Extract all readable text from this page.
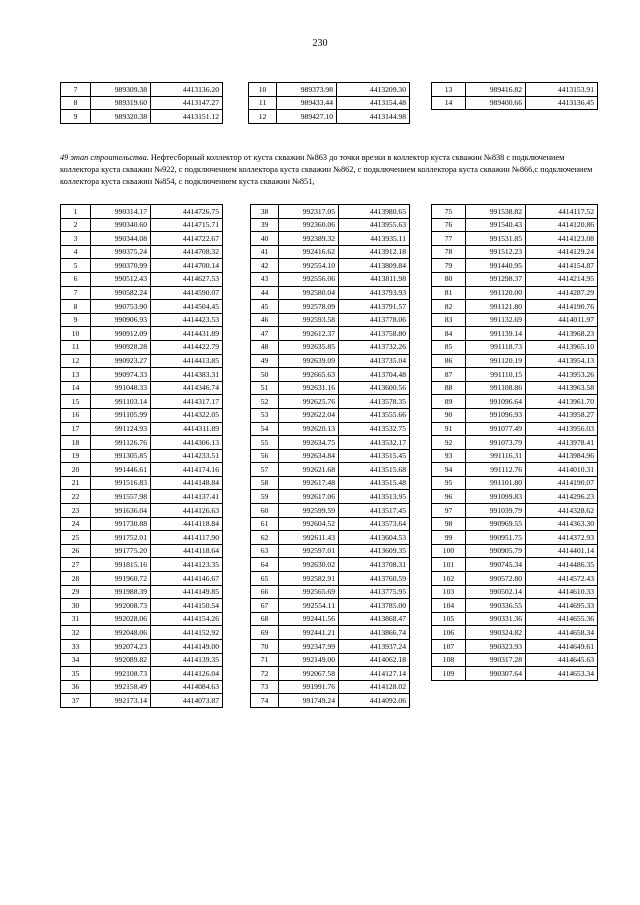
230
7	989309.38	4413136.20
8	989319.60	4413147.27
9	989320.38	4413151.12
10	989373.98	4413209.30
11	989433.44	4413154.48
12	989427.10	4413144.98
13	989416.82	4413153.91
14	989400.66	4413136.45
49 этап строительства. Нефтесборный коллектор от куста скважин №863 до точки врезки в коллектор куста скважин №838 с подключением коллектора куста скважин №922, с подключением коллектора куста скважин №862, с подключением коллектора куста скважин №866,с подключением коллектора куста скважин №854, с подключением куста скважин №851,
1	990314.17	4414726.75
2	990340.60	4414715.71
3	990344.08	4414722.67
4	990375.24	4414708.32
5	990370.99	4414700.14
6	990512.43	4414627.53
7	990582.24	4414590.07
8	990753.90	4414504.45
9	990906.93	4414423.53
10	990912.09	4414431.89
11	990928.28	4414422.79
12	990923.27	4414413.85
13	990974.33	4414383.31
14	991048.33	4414346.74
15	991103.14	4414317.17
16	991105.99	4414322.05
17	991124.93	4414311.89
18	991126.76	4414306.13
19	991305.85	4414233.51
20	991446.61	4414174.16
21	991516.83	4414148.84
22	991557.98	4414137.41
23	991636.04	4414126.63
24	991730.88	4414118.84
25	991752.01	4414117.90
26	991775.20	4414118.64
27	991815.16	4414123.35
28	991960.72	4414146.67
29	991988.39	4414149.85
30	992008.73	4414150.54
31	992028.06	4414154.26
32	992048.06	4414152.92
33	992074.23	4414149.00
34	992089.82	4414139.35
35	992108.73	4414126.04
36	992158.49	4414084.63
37	992173.14	4414073.87
38	992317.05	4413980.65
39	992360.06	4413955.63
40	992389.32	4413935.11
41	992416.62	4413912.18
42	992554.10	4413809.84
43	992556.06	4413811.98
44	992580.04	4413793.93
45	992578.09	4413791.57
46	992593.58	4413778.06
47	992612.37	4413758.80
48	992635.85	4413732.26
49	992639.09	4413735.04
50	992665.63	4413704.48
51	992631.16	4413600.56
52	992625.76	4413578.35
53	992622.04	4413555.66
54	992620.13	4413532.75
55	992634.75	4413532.17
56	992634.84	4413515.45
57	992621.68	4413515.68
58	992617.48	4413515.48
59	992617.06	4413513.95
60	992599.59	4413517.45
61	992604.52	4413573.64
62	992611.43	4413604.53
63	992597.01	4413609.35
64	992630.02	4413708.31
65	992582.91	4413760.59
66	992565.69	4413775.95
67	992554.11	4413785.00
68	992441.56	4413868.47
69	992441.21	4413866.74
70	992347.99	4413937.24
71	992149.00	4414062.18
72	992067.58	4414127.14
73	991991.76	4414128.02
74	991749.24	4414092.06
75	991538.82	4414117.52
76	991540.43	4414120.86
77	991531.85	4414123.08
78	991512.23	4414129.24
79	991440.95	4414154.87
80	991298.37	4414214.95
81	991120.00	4414287.29
82	991121.80	4414190.76
83	991132.69	4414011.97
84	991139.14	4413968.23
85	991118.73	4413965.10
86	991120.19	4413954.13
87	991110.15	4413953.26
88	991108.86	4413963.58
89	991096.64	4413961.70
90	991096.93	4413958.27
91	991077.49	4413956.03
92	991073.79	4413978.41
93	991116.31	4413984.96
94	991112.76	4414010.31
95	991101.80	4414190.07
96	991099.83	4414296.23
97	991039.79	4414328.62
98	990969.55	4414363.30
99	990951.75	4414372.93
100	990905.79	4414401.14
101	990745.34	4414486.35
102	990572.80	4414572.43
103	990502.14	4414610.33
104	990336.55	4414695.33
105	990331.36	4414655.36
106	990324.82	4414658.34
107	990323.93	4414649.61
108	990317.28	4414645.63
109	990307.64	4414653.34
